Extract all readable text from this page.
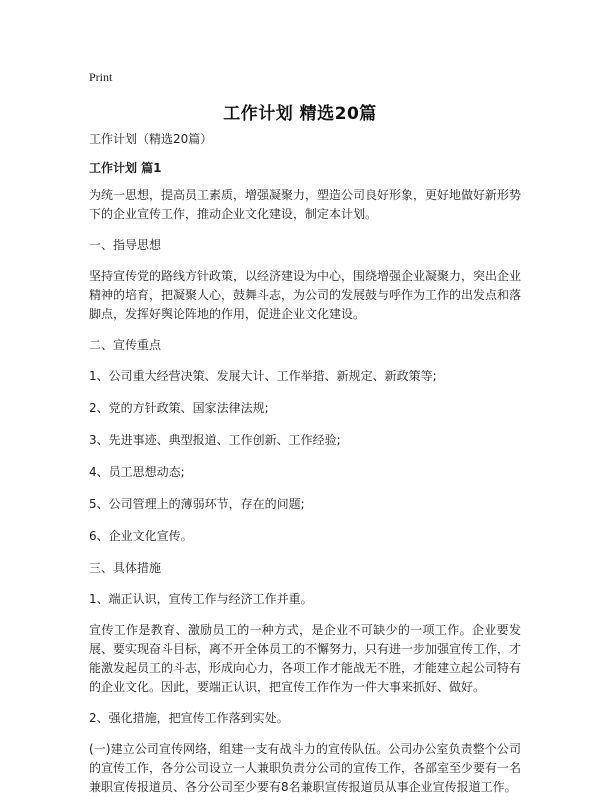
Print
工作计划 精选20篇

工作计划（精选20篇）

工作计划 篇1

为统一思想，提高员工素质，增强凝聚力，塑造公司良好形象，更好地做好新形势下的企业宣传工作，推动企业文化建设，制定本计划。

一、指导思想

坚持宣传党的路线方针政策，以经济建设为中心，围绕增强企业凝聚力，突出企业精神的培育，把凝聚人心，鼓舞斗志，为公司的发展鼓与呼作为工作的出发点和落脚点，发挥好舆论阵地的作用，促进企业文化建设。

二、宣传重点

1、公司重大经营决策、发展大计、工作举措、新规定、新政策等;

2、党的方针政策、国家法律法规;

3、先进事迹、典型报道、工作创新、工作经验;

4、员工思想动态;

5、公司管理上的薄弱环节，存在的问题;

6、企业文化宣传。

三、具体措施

1、端正认识，宣传工作与经济工作并重。

宣传工作是教育、激励员工的一种方式，是企业不可缺少的一项工作。企业要发展、要实现奋斗目标，离不开全体员工的不懈努力，只有进一步加强宣传工作，才能激发起员工的斗志，形成向心力，各项工作才能战无不胜，才能建立起公司特有的企业文化。因此，要端正认识，把宣传工作作为一件大事来抓好、做好。

2、强化措施，把宣传工作落到实处。

(一)建立公司宣传网络，组建一支有战斗力的宣传队伍。公司办公室负责整个公司的宣传工作，各分公司设立一人兼职负责分公司的宣传工作，各部室至少要有一名兼职宣传报道员、各分公司至少要有8名兼职宣传报道员从事企业宣传报道工作。
